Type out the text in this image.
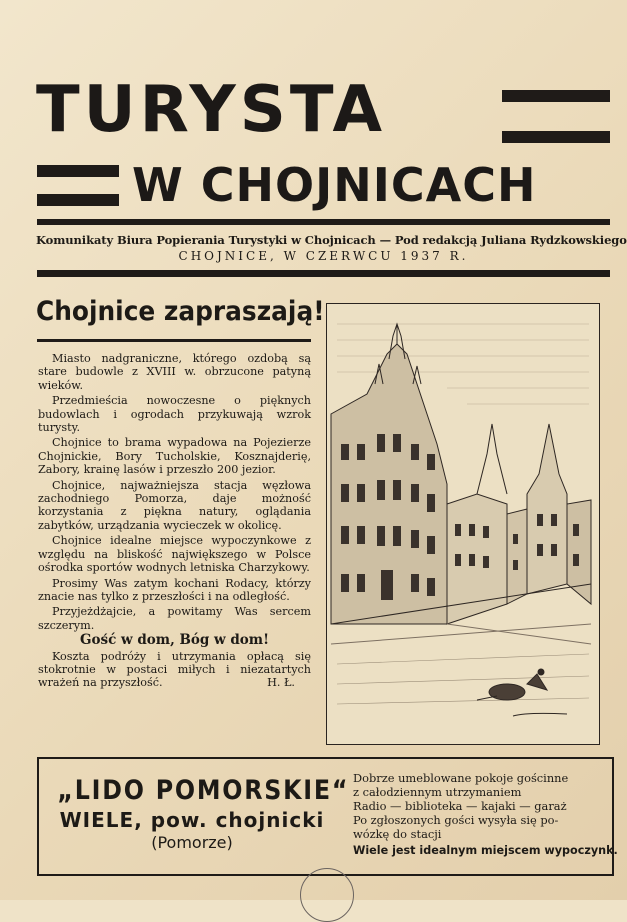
TURYSTA
W CHOJNICACH
Komunikaty Biura Popierania Turystyki w Chojnicach — Pod redakcją Juliana Rydzkowskiego
CHOJNICE, W CZERWCU 1937 R.
Chojnice zapraszają!

Miasto nadgraniczne, którego ozdobą są stare budowle z XVIII w. obrzucone patyną wieków.

Przedmieścia nowoczesne o pięknych budowlach i ogrodach przykuwają wzrok turysty.

Chojnice to brama wypadowa na Pojezierze Chojnickie, Bory Tucholskie, Kosznajderię, Zabory, krainę lasów i przeszło 200 jezior.

Chojnice, najważniejsza stacja węzłowa zachodniego Pomorza, daje możność korzystania z piękna natury, oglądania zabytków, urządzania wycieczek w okolicę.

Chojnice idealne miejsce wypoczynkowe z względu na bliskość największego w Polsce ośrodka sportów wodnych letniska Charzykowy.

Prosimy Was zatym kochani Rodacy, którzy znacie nas tylko z przeszłości i na odległość.

Przyjeżdżajcie, a powitamy Was sercem szczerym.

Gość w dom, Bóg w dom!

Koszta podróży i utrzymania opłacą się stokrotnie w postaci miłych i niezatartych wrażeń na przyszłość.	H. Ł.

„LIDO POMORSKIE“
WIELE, pow. chojnicki
(Pomorze)
Dobrze umeblowane pokoje gościnne
z całodziennym utrzymaniem
Radio — biblioteka — kajaki — garaż
Po zgłoszonych gości wysyła się po-
wózkę do stacji
Wiele jest idealnym miejscem wypoczynk.
